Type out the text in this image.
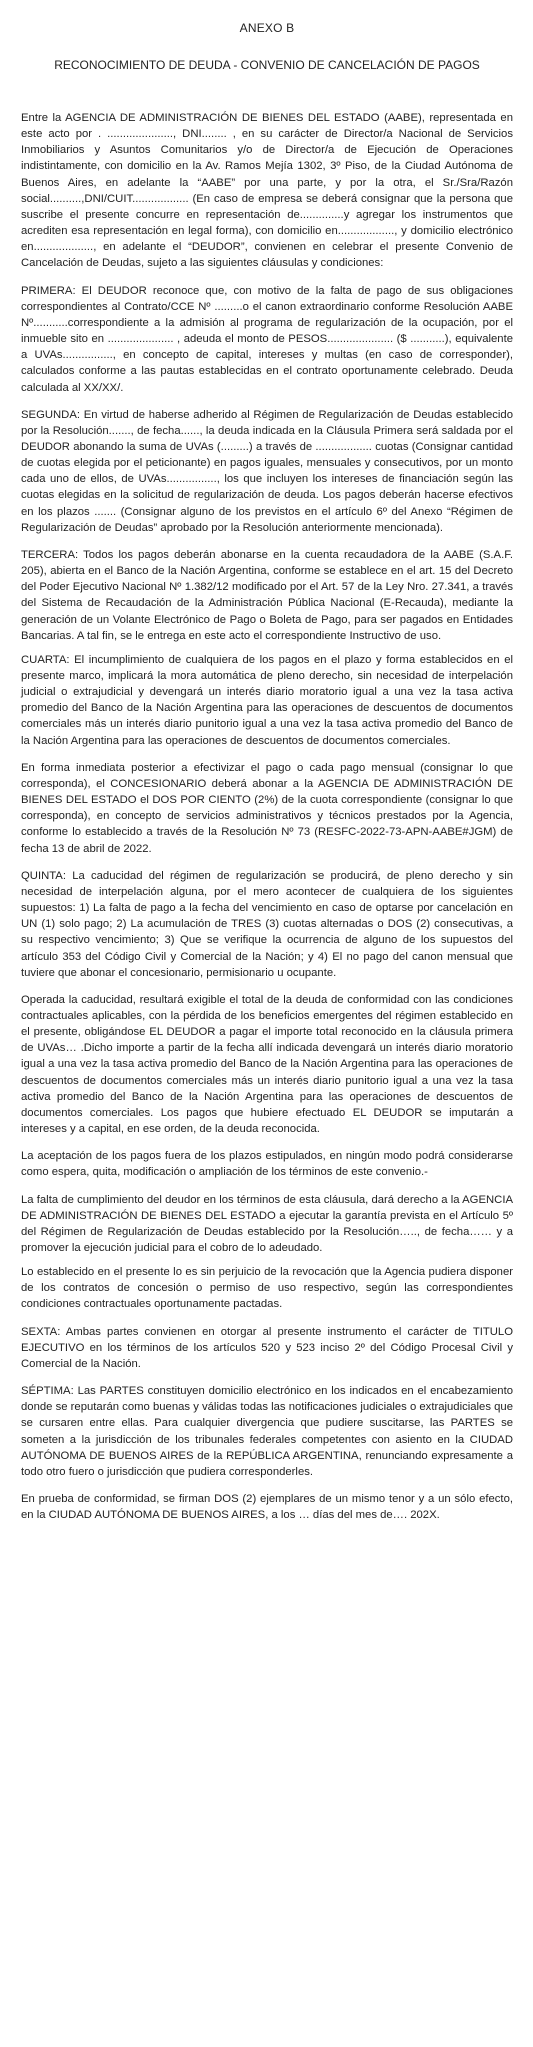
ANEXO B
RECONOCIMIENTO DE DEUDA - CONVENIO DE CANCELACIÓN DE PAGOS

Entre la AGENCIA DE ADMINISTRACIÓN DE BIENES DEL ESTADO (AABE), representada en este acto por . ....................., DNI........ , en su carácter de Director/a Nacional de Servicios Inmobiliarios y Asuntos Comunitarios y/o de Director/a de Ejecución de Operaciones indistintamente, con domicilio en la Av. Ramos Mejía 1302, 3º Piso, de la Ciudad Autónoma de Buenos Aires, en adelante la “AABE” por una parte, y por la otra, el Sr./Sra/Razón social..........,DNI/CUIT.................. (En caso de empresa se deberá consignar que la persona que suscribe el presente concurre en representación de..............y agregar los instrumentos que acrediten esa representación en legal forma), con domicilio en.................., y domicilio electrónico en..................., en adelante el “DEUDOR”, convienen en celebrar el presente Convenio de Cancelación de Deudas, sujeto a las siguientes cláusulas y condiciones:

PRIMERA: El DEUDOR reconoce que, con motivo de la falta de pago de sus obligaciones correspondientes al Contrato/CCE Nº .........o el canon extraordinario conforme Resolución AABE Nº...........correspondiente a la admisión al programa de regularización de la ocupación, por el inmueble sito en ..................... , adeuda el monto de PESOS..................... ($ ...........), equivalente a UVAs................, en concepto de capital, intereses y multas (en caso de corresponder), calculados conforme a las pautas establecidas en el contrato oportunamente celebrado. Deuda calculada al XX/XX/.

SEGUNDA: En virtud de haberse adherido al Régimen de Regularización de Deudas establecido por la Resolución......., de fecha......, la deuda indicada en la Cláusula Primera será saldada por el DEUDOR abonando la suma de UVAs (.........) a través de .................. cuotas (Consignar cantidad de cuotas elegida por el peticionante) en pagos iguales, mensuales y consecutivos, por un monto cada uno de ellos, de UVAs................, los que incluyen los intereses de financiación según las cuotas elegidas en la solicitud de regularización de deuda. Los pagos deberán hacerse efectivos en los plazos ....... (Consignar alguno de los previstos en el artículo 6º del Anexo “Régimen de Regularización de Deudas” aprobado por la Resolución anteriormente mencionada).

TERCERA: Todos los pagos deberán abonarse en la cuenta recaudadora de la AABE (S.A.F. 205), abierta en el Banco de la Nación Argentina, conforme se establece en el art. 15 del Decreto del Poder Ejecutivo Nacional Nº 1.382/12 modificado por el Art. 57 de la Ley Nro. 27.341, a través del Sistema de Recaudación de la Administración Pública Nacional (E-Recauda), mediante la generación de un Volante Electrónico de Pago o Boleta de Pago, para ser pagados en Entidades Bancarias. A tal fin, se le entrega en este acto el correspondiente Instructivo de uso.

CUARTA: El incumplimiento de cualquiera de los pagos en el plazo y forma establecidos en el presente marco, implicará la mora automática de pleno derecho, sin necesidad de interpelación judicial o extrajudicial y devengará un interés diario moratorio igual a una vez la tasa activa promedio del Banco de la Nación Argentina para las operaciones de descuentos de documentos comerciales más un interés diario punitorio igual a una vez la tasa activa promedio del Banco de la Nación Argentina para las operaciones de descuentos de documentos comerciales.

En forma inmediata posterior a efectivizar el pago o cada pago mensual (consignar lo que corresponda), el CONCESIONARIO deberá abonar a la AGENCIA DE ADMINISTRACIÓN DE BIENES DEL ESTADO el DOS POR CIENTO (2%) de la cuota correspondiente (consignar lo que corresponda), en concepto de servicios administrativos y técnicos prestados por la Agencia, conforme lo establecido a través de la Resolución Nº 73 (RESFC-2022-73-APN-AABE#JGM) de fecha 13 de abril de 2022.

QUINTA: La caducidad del régimen de regularización se producirá, de pleno derecho y sin necesidad de interpelación alguna, por el mero acontecer de cualquiera de los siguientes supuestos: 1) La falta de pago a la fecha del vencimiento en caso de optarse por cancelación en UN (1) solo pago; 2) La acumulación de TRES (3) cuotas alternadas o DOS (2) consecutivas, a su respectivo vencimiento; 3) Que se verifique la ocurrencia de alguno de los supuestos del artículo 353 del Código Civil y Comercial de la Nación; y 4) El no pago del canon mensual que tuviere que abonar el concesionario, permisionario u ocupante.

Operada la caducidad, resultará exigible el total de la deuda de conformidad con las condiciones contractuales aplicables, con la pérdida de los beneficios emergentes del régimen establecido en el presente, obligándose EL DEUDOR a pagar el importe total reconocido en la cláusula primera de UVAs… .Dicho importe a partir de la fecha allí indicada devengará un interés diario moratorio igual a una vez la tasa activa promedio del Banco de la Nación Argentina para las operaciones de descuentos de documentos comerciales más un interés diario punitorio igual a una vez la tasa activa promedio del Banco de la Nación Argentina para las operaciones de descuentos de documentos comerciales. Los pagos que hubiere efectuado EL DEUDOR se imputarán a intereses y a capital, en ese orden, de la deuda reconocida.

La aceptación de los pagos fuera de los plazos estipulados, en ningún modo podrá considerarse como espera, quita, modificación o ampliación de los términos de este convenio.-

La falta de cumplimiento del deudor en los términos de esta cláusula, dará derecho a la AGENCIA DE ADMINISTRACIÓN DE BIENES DEL ESTADO a ejecutar la garantía prevista en el Artículo 5º del Régimen de Regularización de Deudas establecido por la Resolución….., de fecha…… y a promover la ejecución judicial para el cobro de lo adeudado.

Lo establecido en el presente lo es sin perjuicio de la revocación que la Agencia pudiera disponer de los contratos de concesión o permiso de uso respectivo, según las correspondientes condiciones contractuales oportunamente pactadas.

SEXTA: Ambas partes convienen en otorgar al presente instrumento el carácter de TITULO EJECUTIVO en los términos de los artículos 520 y 523 inciso 2º del Código Procesal Civil y Comercial de la Nación.

SÉPTIMA: Las PARTES constituyen domicilio electrónico en los indicados en el encabezamiento donde se reputarán como buenas y válidas todas las notificaciones judiciales o extrajudiciales que se cursaren entre ellas. Para cualquier divergencia que pudiere suscitarse, las PARTES se someten a la jurisdicción de los tribunales federales competentes con asiento en la CIUDAD AUTÓNOMA DE BUENOS AIRES de la REPÚBLICA ARGENTINA, renunciando expresamente a todo otro fuero o jurisdicción que pudiera corresponderles.

En prueba de conformidad, se firman DOS (2) ejemplares de un mismo tenor y a un sólo efecto, en la CIUDAD AUTÓNOMA DE BUENOS AIRES, a los … días del mes de…. 202X.
